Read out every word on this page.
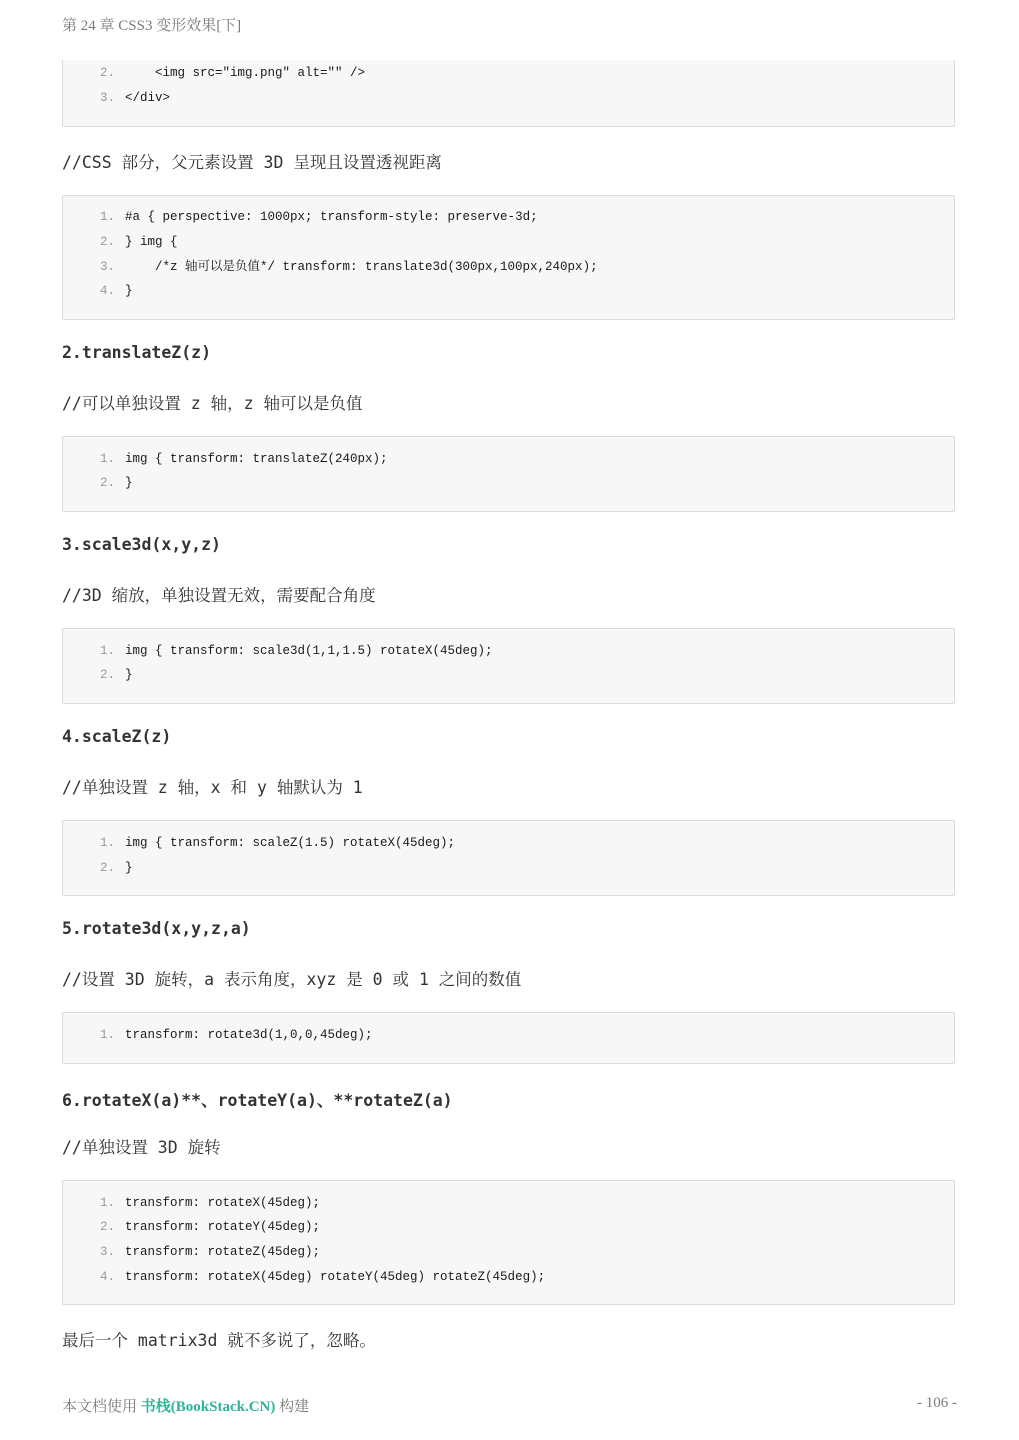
第 24 章 CSS3 变形效果[下]
2.    <img src="img.png" alt="" />
3. </div>
//CSS 部分，父元素设置 3D 呈现且设置透视距离
1. #a { perspective: 1000px; transform-style: preserve-3d;
2. } img {
3.    /*z 轴可以是负值*/ transform: translate3d(300px,100px,240px);
4. }
2.translateZ(z)
//可以单独设置 z 轴，z 轴可以是负值
1. img { transform: translateZ(240px);
2. }
3.scale3d(x,y,z)
//3D 缩放，单独设置无效，需要配合角度
1. img { transform: scale3d(1,1,1.5) rotateX(45deg);
2. }
4.scaleZ(z)
//单独设置 z 轴，x 和 y 轴默认为 1
1. img { transform: scaleZ(1.5) rotateX(45deg);
2. }
5.rotate3d(x,y,z,a)
//设置 3D 旋转，a 表示角度，xyz 是 0 或 1 之间的数值
1. transform: rotate3d(1,0,0,45deg);
6.rotateX(a)**、rotateY(a)、**rotateZ(a)
//单独设置 3D 旋转
1. transform: rotateX(45deg);
2. transform: rotateY(45deg);
3. transform: rotateZ(45deg);
4. transform: rotateX(45deg) rotateY(45deg) rotateZ(45deg);
最后一个 matrix3d 就不多说了，忽略。
本文档使用 书栈(BookStack.CN) 构建	- 106 -
